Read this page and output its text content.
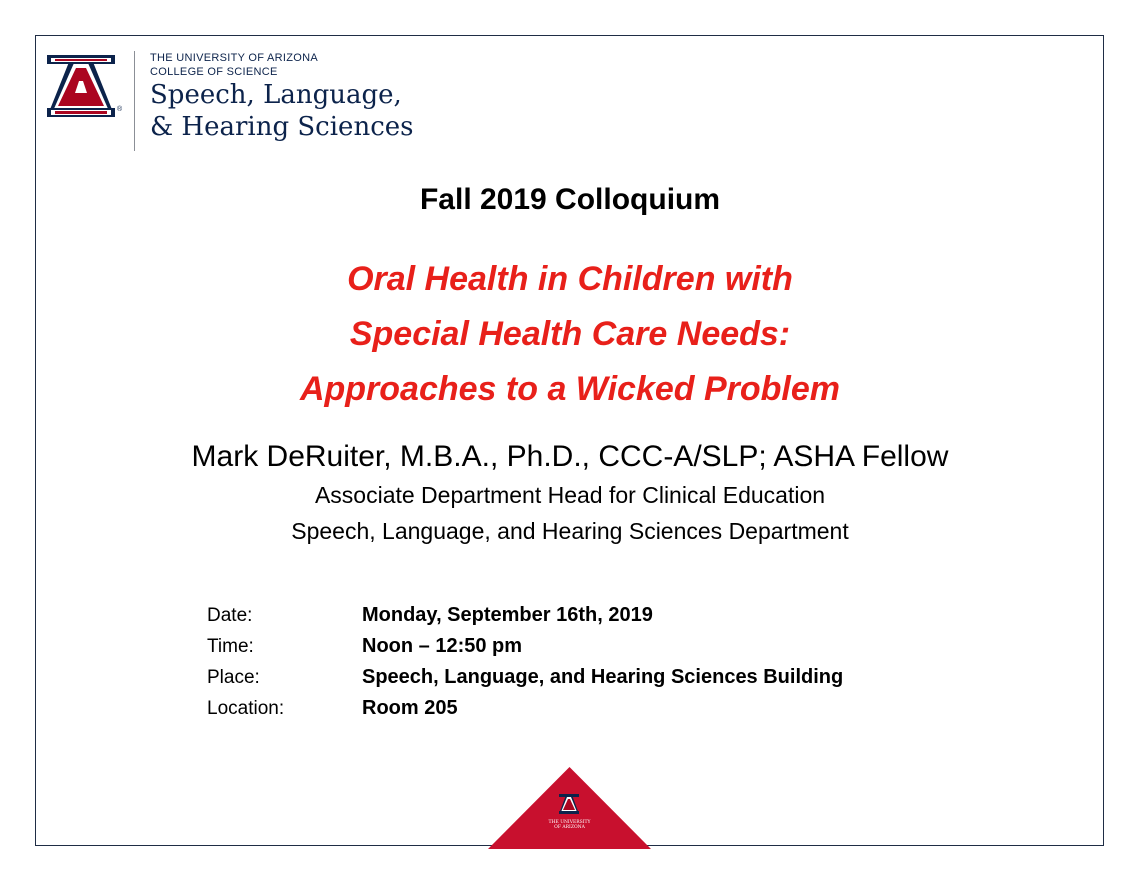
®
THE UNIVERSITY OF ARIZONA
COLLEGE OF SCIENCE
Speech, Language,
& Hearing Sciences
Fall 2019 Colloquium
Oral Health in Children with
Special Health Care Needs:
Approaches to a Wicked Problem
Mark DeRuiter, M.B.A., Ph.D., CCC-A/SLP; ASHA Fellow
Associate Department Head for Clinical Education
Speech, Language, and Hearing Sciences Department
Date:	Monday, September 16th, 2019
Time:	Noon – 12:50 pm
Place:	Speech, Language, and Hearing Sciences Building
Location:	Room 205
THE UNIVERSITY
OF ARIZONA
